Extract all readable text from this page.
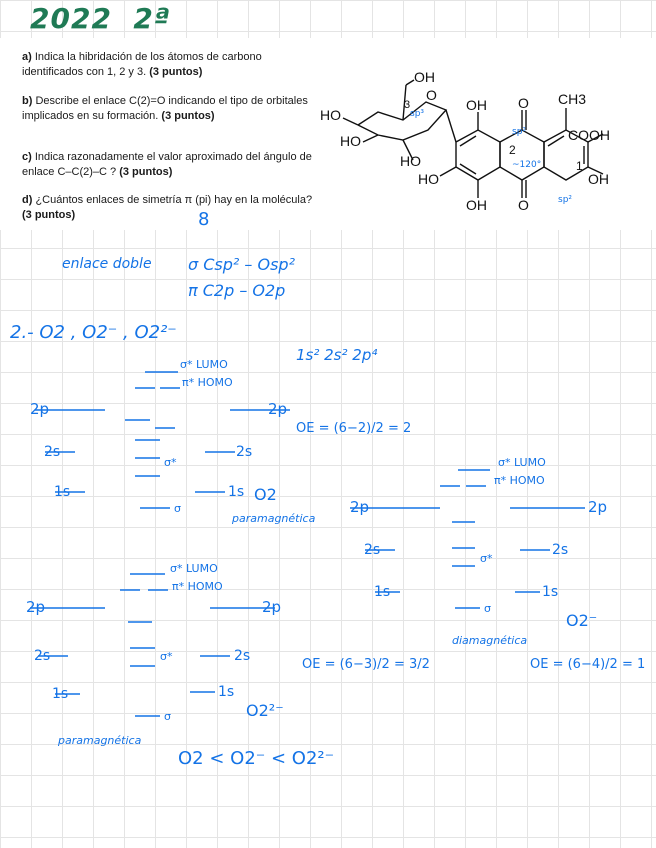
2022  2ª
a) Indica la hibridación de los átomos de carbono identificados con 1, 2 y 3. (3 puntos)
b) Describe el enlace C(2)=O indicando el tipo de orbitales implicados en su formación. (3 puntos)
c) Indica razonadamente el valor aproximado del ángulo de enlace C–C(2)–C ? (3 puntos)
d) ¿Cuántos enlaces de simetría π (pi) hay en la molécula? (3 puntos)
OH
HO
HO
O
3
HO
OH O CH3
COOH
2
HO
1
OH
OH O
sp³
sp²
~120°
sp²
8
enlace doble σ Csp² – Osp²
π C2p – O2p
2.- O2 , O2⁻ , O2²⁻
1s² 2s² 2p⁴
σ* LUMO
π* HOMO
2p	2p
2s	2s
1s	1s
σ
σ*
O2
paramagnética
OE = (6−2)/2 = 2
σ* LUMO
π* HOMO
2p	2p
2s	2s
1s	1s
σ
σ*
O2⁻
diamagnética
OE = (6−4)/2 = 1
σ* LUMO
π* HOMO
2p	2p
2s	2s
1s	1s
σ
σ*
O2²⁻
paramagnética
OE = (6−3)/2 = 3/2
O2 < O2⁻ < O2²⁻
